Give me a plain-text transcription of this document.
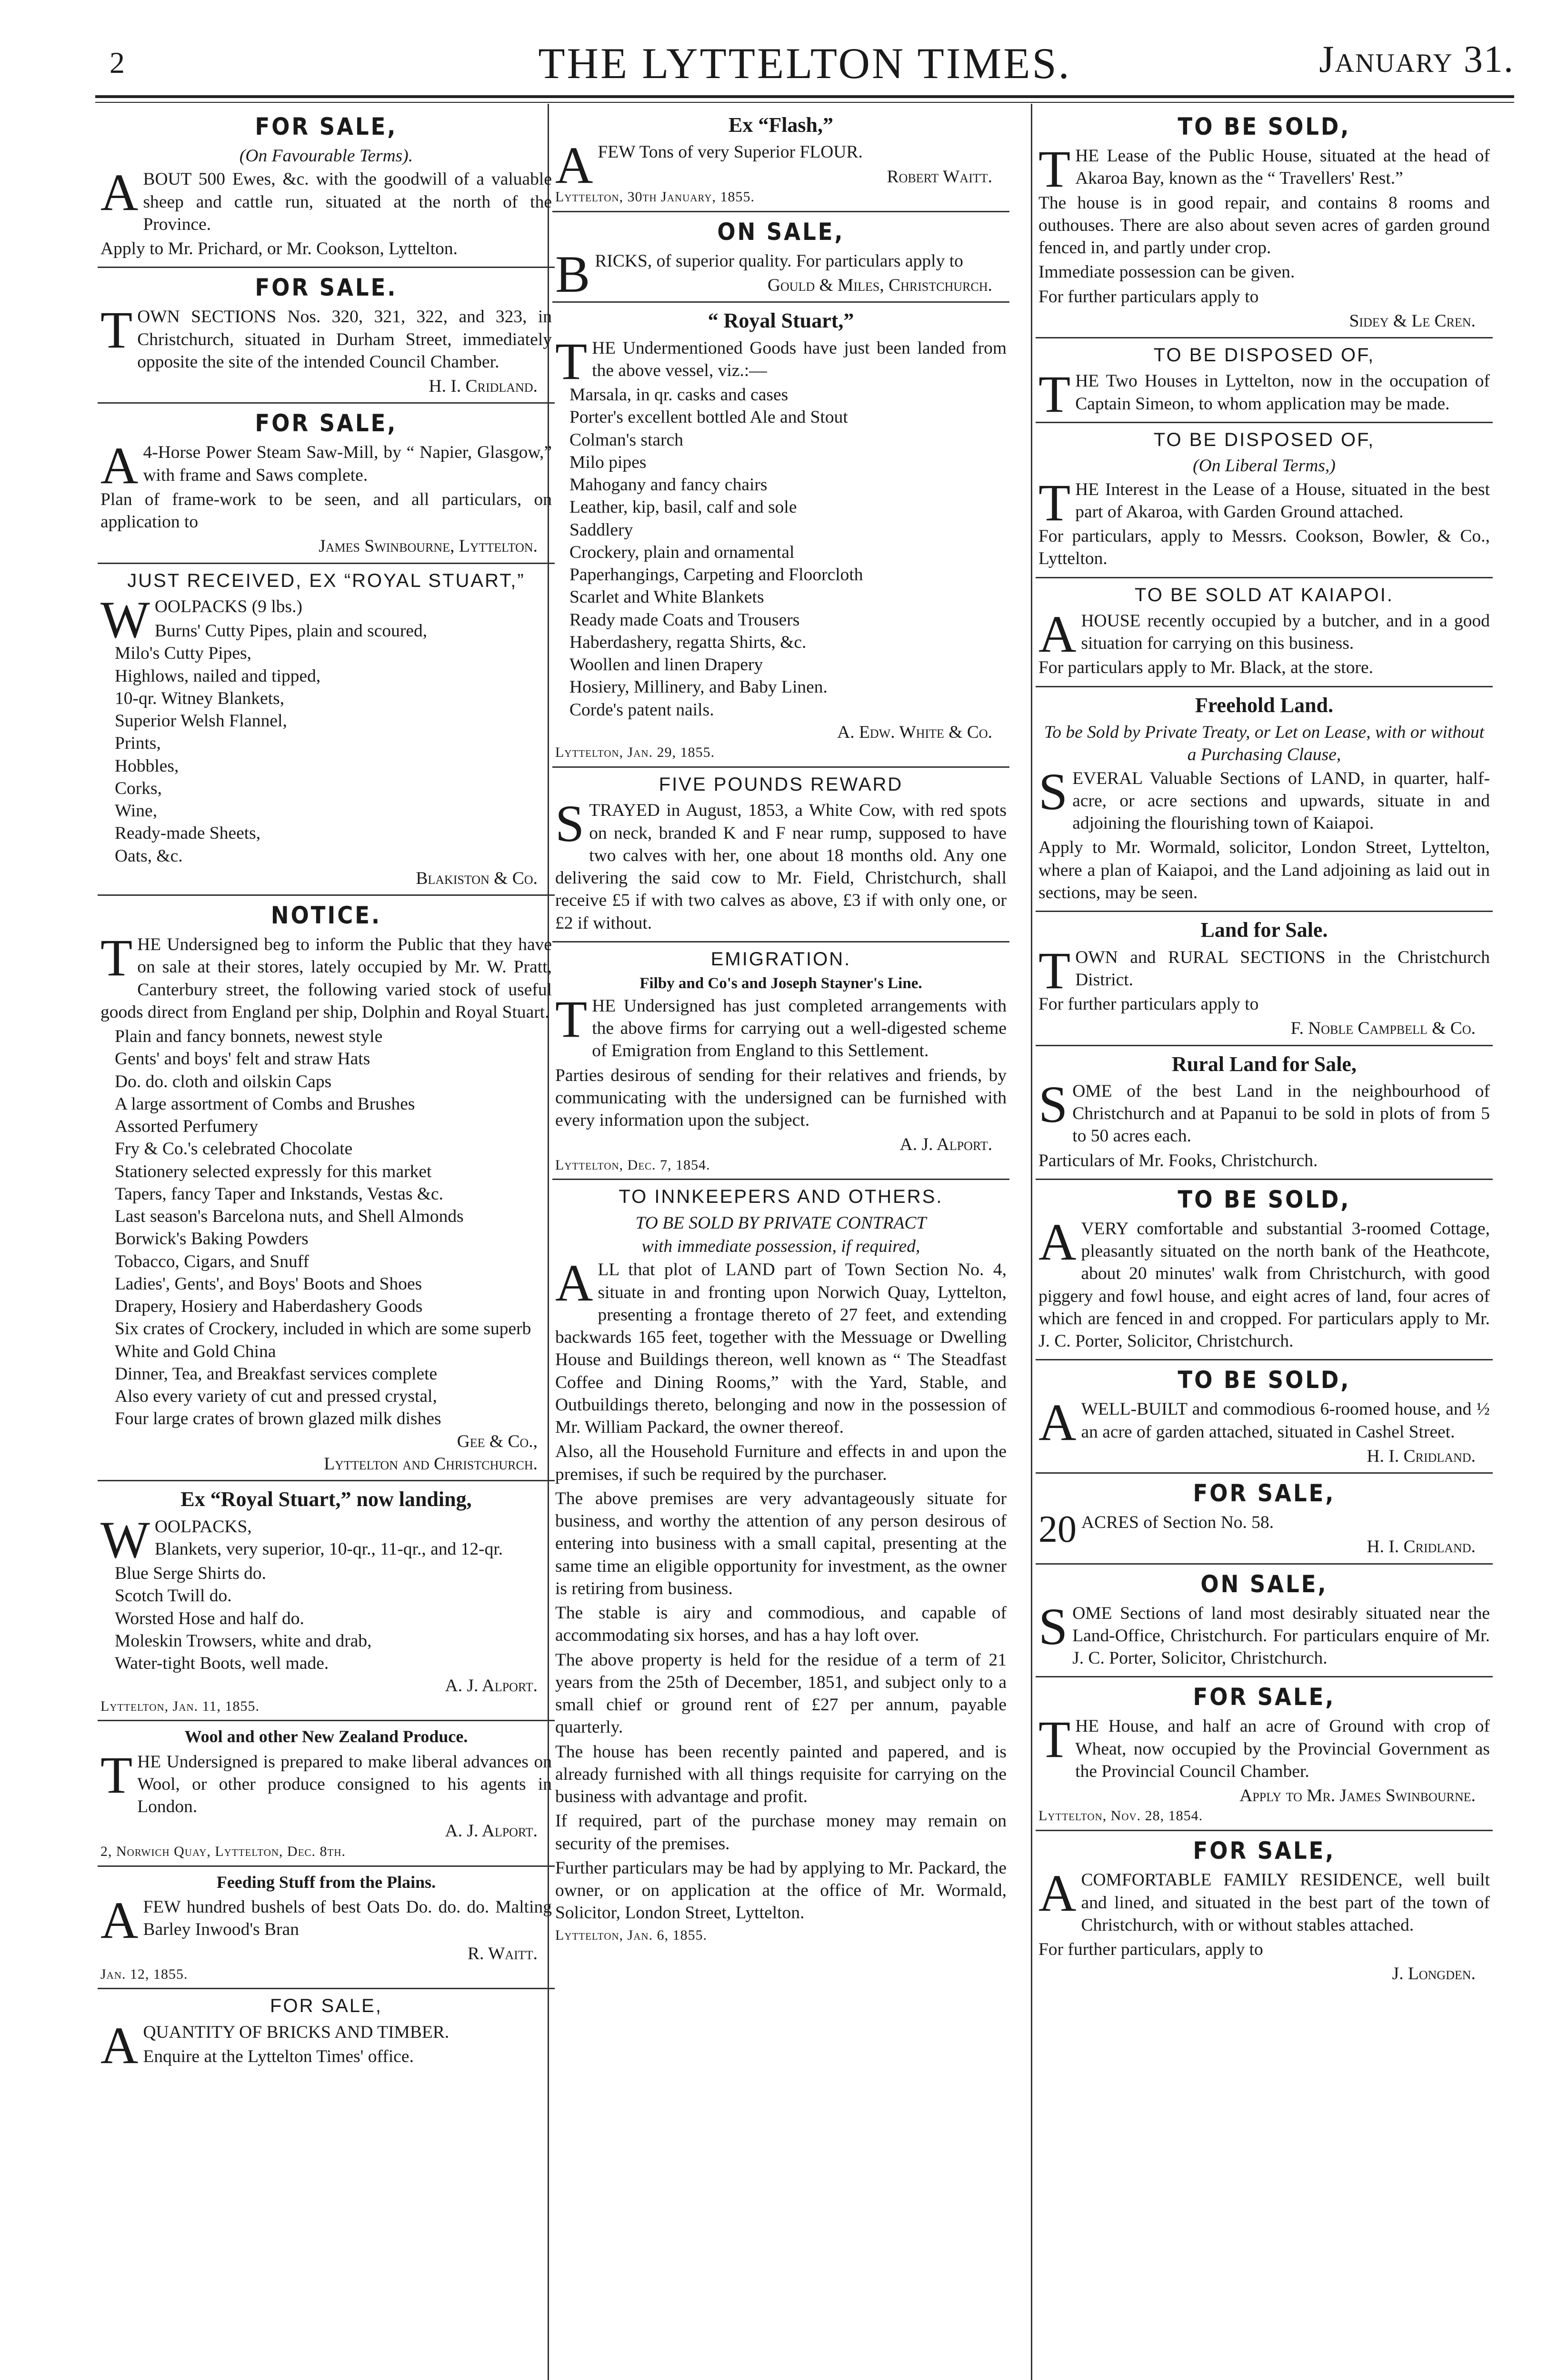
2	THE LYTTELTON TIMES.	January 31.
FOR SALE,
(On Favourable Terms).

ABOUT 500 Ewes, &c. with the goodwill of a valuable sheep and cattle run, situated at the north of the Province.

Apply to Mr. Prichard, or Mr. Cookson, Lyttelton.

FOR SALE.

TOWN SECTIONS Nos. 320, 321, 322, and 323, in Christchurch, situated in Durham Street, immediately opposite the site of the intended Council Chamber.

H. I. Cridland.
FOR SALE,

A 4-Horse Power Steam Saw-Mill, by “ Napier, Glasgow,” with frame and Saws complete.

Plan of frame-work to be seen, and all particulars, on application to

James Swinbourne, Lyttelton.
JUST RECEIVED, EX “ROYAL STUART,”

WOOLPACKS (9 lbs.)

Burns' Cutty Pipes, plain and scoured,
Milo's Cutty Pipes,
Highlows, nailed and tipped,
10-qr. Witney Blankets,
Superior Welsh Flannel,
Prints,
Hobbles,
Corks,
Wine,
Ready-made Sheets,
Oats, &c.
Blakiston & Co.
NOTICE.

THE Undersigned beg to inform the Public that they have on sale at their stores, lately occupied by Mr. W. Pratt, Canterbury street, the following varied stock of useful goods direct from England per ship, Dolphin and Royal Stuart.

Plain and fancy bonnets, newest style
Gents' and boys' felt and straw Hats
Do. do. cloth and oilskin Caps
A large assortment of Combs and Brushes
Assorted Perfumery
Fry & Co.'s celebrated Chocolate
Stationery selected expressly for this market
Tapers, fancy Taper and Inkstands, Vestas &c.
Last season's Barcelona nuts, and Shell Almonds
Borwick's Baking Powders
Tobacco, Cigars, and Snuff
Ladies', Gents', and Boys' Boots and Shoes
Drapery, Hosiery and Haberdashery Goods
Six crates of Crockery, included in which are some superb White and Gold China
Dinner, Tea, and Breakfast services complete
Also every variety of cut and pressed crystal,
Four large crates of brown glazed milk dishes
Gee & Co.,
Lyttelton and Christchurch.
Ex “Royal Stuart,” now landing,

WOOLPACKS,
Blankets, very superior, 10-qr., 11-qr., and 12-qr.

Blue Serge Shirts do.
Scotch Twill do.
Worsted Hose and half do.
Moleskin Trowsers, white and drab,
Water-tight Boots, well made.
A. J. Alport.
Lyttelton, Jan. 11, 1855.
Wool and other New Zealand Produce.

THE Undersigned is prepared to make liberal advances on Wool, or other produce consigned to his agents in London.

A. J. Alport.
2, Norwich Quay, Lyttelton, Dec. 8th.
Feeding Stuff from the Plains.

AFEW hundred bushels of best Oats Do. do. do. Malting Barley Inwood's Bran

R. Waitt.
Jan. 12, 1855.
FOR SALE,

AQUANTITY OF BRICKS AND TIMBER.

Enquire at the Lyttelton Times' office.

Ex “Flash,”

AFEW Tons of very Superior FLOUR.

Robert Waitt.
Lyttelton, 30th January, 1855.
ON SALE,

BRICKS, of superior quality. For particulars apply to

Gould & Miles, Christchurch.
“ Royal Stuart,”

THE Undermentioned Goods have just been landed from the above vessel, viz.:—

Marsala, in qr. casks and cases
Porter's excellent bottled Ale and Stout
Colman's starch
Milo pipes
Mahogany and fancy chairs
Leather, kip, basil, calf and sole
Saddlery
Crockery, plain and ornamental
Paperhangings, Carpeting and Floorcloth
Scarlet and White Blankets
Ready made Coats and Trousers
Haberdashery, regatta Shirts, &c.
Woollen and linen Drapery
Hosiery, Millinery, and Baby Linen.
Corde's patent nails.
A. Edw. White & Co.
Lyttelton, Jan. 29, 1855.
FIVE POUNDS REWARD

STRAYED in August, 1853, a White Cow, with red spots on neck, branded K and F near rump, supposed to have two calves with her, one about 18 months old. Any one delivering the said cow to Mr. Field, Christchurch, shall receive £5 if with two calves as above, £3 if with only one, or £2 if without.

EMIGRATION.
Filby and Co's and Joseph Stayner's Line.

THE Undersigned has just completed arrangements with the above firms for carrying out a well-digested scheme of Emigration from England to this Settlement.

Parties desirous of sending for their relatives and friends, by communicating with the undersigned can be furnished with every information upon the subject.

A. J. Alport.
Lyttelton, Dec. 7, 1854.
TO INNKEEPERS AND OTHERS.
TO BE SOLD BY PRIVATE CONTRACT
with immediate possession, if required,

ALL that plot of LAND part of Town Section No. 4, situate in and fronting upon Norwich Quay, Lyttelton, presenting a frontage thereto of 27 feet, and extending backwards 165 feet, together with the Messuage or Dwelling House and Buildings thereon, well known as “ The Steadfast Coffee and Dining Rooms,” with the Yard, Stable, and Outbuildings thereto, belonging and now in the possession of Mr. William Packard, the owner thereof.

Also, all the Household Furniture and effects in and upon the premises, if such be required by the purchaser.

The above premises are very advantageously situate for business, and worthy the attention of any person desirous of entering into business with a small capital, presenting at the same time an eligible opportunity for investment, as the owner is retiring from business.

The stable is airy and commodious, and capable of accommodating six horses, and has a hay loft over.

The above property is held for the residue of a term of 21 years from the 25th of December, 1851, and subject only to a small chief or ground rent of £27 per annum, payable quarterly.

The house has been recently painted and papered, and is already furnished with all things requisite for carrying on the business with advantage and profit.

If required, part of the purchase money may remain on security of the premises.

Further particulars may be had by applying to Mr. Packard, the owner, or on application at the office of Mr. Wormald, Solicitor, London Street, Lyttelton.

Lyttelton, Jan. 6, 1855.
TO BE SOLD,

THE Lease of the Public House, situated at the head of Akaroa Bay, known as the “ Travellers' Rest.”

The house is in good repair, and contains 8 rooms and outhouses. There are also about seven acres of garden ground fenced in, and partly under crop.

Immediate possession can be given.

For further particulars apply to

Sidey & Le Cren.
TO BE DISPOSED OF,

THE Two Houses in Lyttelton, now in the occupation of Captain Simeon, to whom application may be made.

TO BE DISPOSED OF,
(On Liberal Terms,)

THE Interest in the Lease of a House, situated in the best part of Akaroa, with Garden Ground attached.

For particulars, apply to Messrs. Cookson, Bowler, & Co., Lyttelton.

TO BE SOLD AT KAIAPOI.

AHOUSE recently occupied by a butcher, and in a good situation for carrying on this business.

For particulars apply to Mr. Black, at the store.

Freehold Land.
To be Sold by Private Treaty, or Let on Lease, with or without a Purchasing Clause,

SEVERAL Valuable Sections of LAND, in quarter, half-acre, or acre sections and upwards, situate in and adjoining the flourishing town of Kaiapoi.

Apply to Mr. Wormald, solicitor, London Street, Lyttelton, where a plan of Kaiapoi, and the Land adjoining as laid out in sections, may be seen.

Land for Sale.

TOWN and RURAL SECTIONS in the Christchurch District.

For further particulars apply to

F. Noble Campbell & Co.
Rural Land for Sale,

SOME of the best Land in the neighbourhood of Christchurch and at Papanui to be sold in plots of from 5 to 50 acres each.

Particulars of Mr. Fooks, Christchurch.

TO BE SOLD,

AVERY comfortable and substantial 3-roomed Cottage, pleasantly situated on the north bank of the Heathcote, about 20 minutes' walk from Christchurch, with good piggery and fowl house, and eight acres of land, four acres of which are fenced in and cropped. For particulars apply to Mr. J. C. Porter, Solicitor, Christchurch.

TO BE SOLD,

AWELL-BUILT and commodious 6-roomed house, and ½ an acre of garden attached, situated in Cashel Street.

H. I. Cridland.
FOR SALE,

20 ACRES of Section No. 58.

H. I. Cridland.
ON SALE,

SOME Sections of land most desirably situated near the Land-Office, Christchurch. For particulars enquire of Mr. J. C. Porter, Solicitor, Christchurch.

FOR SALE,

THE House, and half an acre of Ground with crop of Wheat, now occupied by the Provincial Government as the Provincial Council Chamber.

Apply to Mr. James Swinbourne.
Lyttelton, Nov. 28, 1854.
FOR SALE,

ACOMFORTABLE FAMILY RESIDENCE, well built and lined, and situated in the best part of the town of Christchurch, with or without stables attached.

For further particulars, apply to

J. Longden.
